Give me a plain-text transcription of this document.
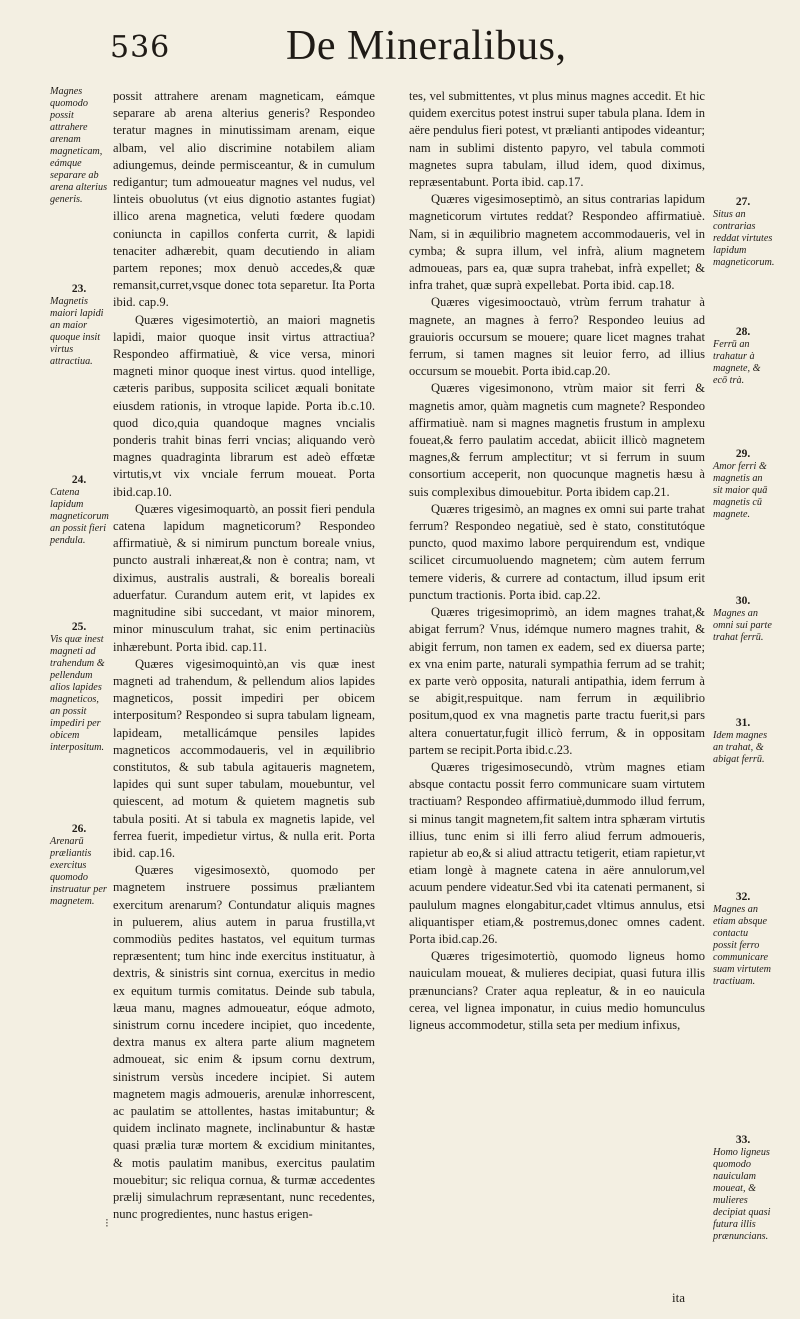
536	De Mineralibus,

possit attrahere arenam magneticam, eámque separare ab arena alterius generis? Respondeo teratur magnes in minutissimam arenam, eique albam, vel alio discrimine notabilem aliam adiungemus, deinde permisceantur, & in cumulum redigantur; tum admoueatur magnes vel nudus, vel linteis obuolutus (vt eius dignotio astantes fugiat) illico arena magnetica, veluti fœdere quodam coniuncta in capillos conferta currit, & lapidi tenaciter adhærebit, quam decutiendo in aliam partem repones; mox denuò accedes,& quæ remansit,curret,vsque donec tota separetur. Ita Porta ibid. cap.9.

Quæres vigesimotertiò, an maiori magnetis lapidi, maior quoque insit virtus attractiua? Respondeo affirmatiuè, & vice versa, minori magneti minor quoque inest virtus. quod intellige, cæteris paribus, supposita scilicet æquali bonitate eiusdem rationis, in vtroque lapide. Porta ib.c.10. quod dico,quia quandoque magnes vncialis ponderis trahit binas ferri vncias; aliquando verò magnes quadraginta librarum est adeò effœtæ virtutis,vt vix vnciale ferrum moueat. Porta ibid.cap.10.

Quæres vigesimoquartò, an possit fieri pendula catena lapidum magneticorum? Respondeo affirmatiuè, & si nimirum punctum boreale vnius, puncto australi inhæreat,& non è contra; nam, vt diximus, australis australi, & borealis boreali aduerfatur. Curandum autem erit, vt lapides ex magnitudine sibi succedant, vt maior minorem, minor minusculum trahat, sic enim pertinaciùs inhærebunt. Porta ibid. cap.11.

Quæres vigesimoquintò,an vis quæ inest magneti ad trahendum, & pellendum alios lapides magneticos, possit impediri per obicem interpositum? Respondeo si supra tabulam ligneam, lapideam, metallicámque pensiles lapides magneticos accommodaueris, vel in æquilibrio constitutos, & sub tabula agitaueris magnetem, lapides qui sunt super tabulam, mouebuntur, vel quiescent, ad motum & quietem magnetis sub tabula positi. At si tabula ex magnetis lapide, vel ferrea fuerit, impedietur virtus, & nulla erit. Porta ibid. cap.16.

Quæres vigesimosextò, quomodo per magnetem instruere possimus præliantem exercitum arenarum? Contundatur aliquis magnes in puluerem, alius autem in parua frustilla,vt commodiùs pedites hastatos, vel equitum turmas repræsentent; tum hinc inde exercitus instituatur, à dextris, & sinistris sint cornua, exercitus in medio ex equitum turmis comitatus. Deinde sub tabula, læua manu, magnes admoueatur, eóque admoto, sinistrum cornu incedere incipiet, quo incedente, dextra manus ex altera parte alium magnetem admoueat, sic enim & ipsum cornu dextrum, sinistrum versùs incedere incipiet. Si autem magnetem magis admoueris, arenulæ inhorrescent, ac paulatim se attollentes, hastas imitabuntur; & quidem inclinato magnete, inclinabuntur & hastæ quasi prælia turæ mortem & excidium minitantes, & motis paulatim manibus, exercitus paulatim mouebitur; sic reliqua cornua, & turmæ accedentes prælij simulachrum repræsentant, nunc recedentes, nunc progredientes, nunc hastus erigen-

tes, vel submittentes, vt plus minus magnes accedit. Et hic quidem exercitus potest instrui super tabula plana. Idem in aëre pendulus fieri potest, vt prælianti antipodes videantur; nam in sublimi distento papyro, vel tabula commoti magnetes supra tabulam, illud idem, quod diximus, repræsentabunt. Porta ibid. cap.17.

Quæres vigesimoseptimò, an situs contrarias lapidum magneticorum virtutes reddat? Respondeo affirmatiuè. Nam, si in æquilibrio magnetem accommodaueris, vel in cymba; & supra illum, vel infrà, alium magnetem admoueas, pars ea, quæ supra trahebat, infrà expellet; & infra trahet, quæ suprà expellebat. Porta ibid. cap.18.

Quæres vigesimooctauò, vtrùm ferrum trahatur à magnete, an magnes à ferro? Respondeo leuius ad grauioris occursum se mouere; quare licet magnes trahat ferrum, si tamen magnes sit leuior ferro, ad illius occursum se mouebit. Porta ibid.cap.20.

Quæres vigesimonono, vtrùm maior sit ferri & magnetis amor, quàm magnetis cum magnete? Respondeo affirmatiuè. nam si magnes magnetis frustum in amplexu foueat,& ferro paulatim accedat, abiicit illicò magnetem magnes,& ferrum amplectitur; vt si ferrum in suum consortium acceperit, non quocunque magnetis hæsu à suis complexibus dimouebitur. Porta ibidem cap.21.

Quæres trigesimò, an magnes ex omni sui parte trahat ferrum? Respondeo negatiuè, sed è stato, constitutóque puncto, quod maximo labore perquirendum est, vndique scilicet circumuoluendo magnetem; cùm autem ferrum temere videris, & currere ad contactum, illud ipsum erit punctum tractionis. Porta ibid. cap.22.

Quæres trigesimoprimò, an idem magnes trahat,& abigat ferrum? Vnus, idémque numero magnes trahit, & abigit ferrum, non tamen ex eadem, sed ex diuersa parte; ex vna enim parte, naturali sympathia ferrum ad se trahit; ex parte verò opposita, naturali antipathia, idem ferrum à se abigit,respuitque. nam ferrum in æquilibrio positum,quod ex vna magnetis parte tractu fuerit,si pars altera conuertatur,fugit illicò ferrum, & in oppositam partem se recipit.Porta ibid.c.23.

Quæres trigesimosecundò, vtrùm magnes etiam absque contactu possit ferro communicare suam virtutem tractiuam? Respondeo affirmatiuè,dummodo illud ferrum, si minus tangit magnetem,fit saltem intra sphæram virtutis illius, tunc enim si illi ferro aliud ferrum admoueris, rapietur ab eo,& si aliud attractu tetigerit, etiam rapietur,vt etiam longè à magnete catena in aëre annulorum,vel acuum pendere videatur.Sed vbi ita catenati permanent, si paululum magnes elongabitur,cadet vltimus annulus, etsi aliquantisper etiam,& postremus,donec omnes cadent. Porta ibid.cap.26.

Quæres trigesimotertiò, quomodo ligneus homo nauiculam moueat, & mulieres decipiat, quasi futura illis prænuncians? Crater aqua repleatur, & in eo nauicula cerea, vel lignea imponatur, in cuius medio homunculus ligneus accommodetur, stilla seta per medium infixus,

ita
Magnes quomodo possit attrahere arenam magneticam, eámque separare ab arena alterius generis.
23.
Magnetis maiori lapidi an maior quoque insit virtus attractiua.
24.
Catena lapidum magneticorum an possit fieri pendula.
25.
Vis quæ inest magneti ad trahendum & pellendum alios lapides magneticos, an possit impediri per obicem interpositum.
26.
Arenarū præliantis exercitus quomodo instruatur per magnetem.
27.
Situs an contrarias reddat virtutes lapidum magneticorum.
28.
Ferrū an trahatur à magnete, & ecō trà.
29.
Amor ferri & magnetis an sit maior quā magnetis cū magnete.
30.
Magnes an omni sui parte trahat ferrū.
31.
Idem magnes an trahat, & abigat ferrū.
32.
Magnes an etiam absque contactu possit ferro communicare suam virtutem tractiuam.
33.
Homo ligneus quomodo nauiculam moueat, & mulieres decipiat quasi futura illis prænuncians.
⁝
